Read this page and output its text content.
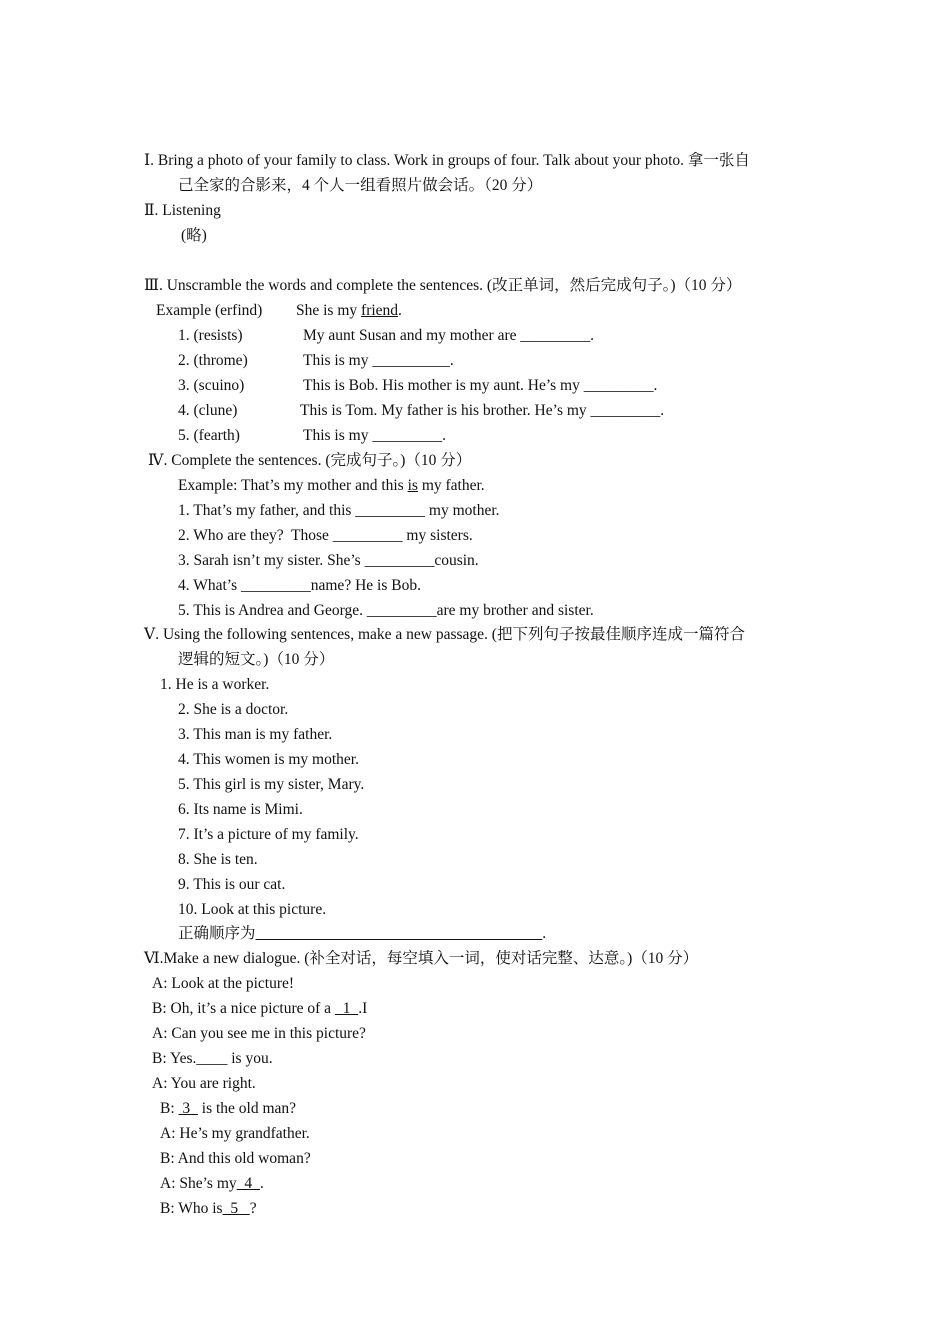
Ⅰ. Bring a photo of your family to class. Work in groups of four. Talk about your photo. 拿一张自
己全家的合影来，4 个人一组看照片做会话。（20 分）
Ⅱ. Listening
(略)
Ⅲ. Unscramble the words and complete the sentences. (改正单词，然后完成句子。)（10 分）
Example (erfind) She is my friend.
1. (resists)	My aunt Susan and my mother are _________.
2. (throme)	This is my __________.
3. (scuino)	This is Bob. His mother is my aunt. He’s my _________.
4. (clune)	This is Tom. My father is his brother. He’s my _________.
5. (fearth)	This is my _________.
Ⅳ. Complete the sentences. (完成句子。)（10 分）
Example: That’s my mother and this is my father.
1. That’s my father, and this _________ my mother.
2. Who are they?  Those _________ my sisters.
3. Sarah isn’t my sister. She’s _________cousin.
4. What’s _________name? He is Bob.
5. This is Andrea and George. _________are my brother and sister.
Ⅴ. Using the following sentences, make a new passage. (把下列句子按最佳顺序连成一篇符合
逻辑的短文。)（10 分）
1. He is a worker.
2. She is a doctor.
3. This man is my father.
4. This women is my mother.
5. This girl is my sister, Mary.
6. Its name is Mimi.
7. It’s a picture of my family.
8. She is ten.
9. This is our cat.
10. Look at this picture.
正确顺序为	.
Ⅵ.Make a new dialogue. (补全对话，每空填入一词，使对话完整、达意。)（10 分）
A: Look at the picture!
B: Oh, it’s a nice picture of a   1  .I
A: Can you see me in this picture?
B: Yes.____ is you.
A: You are right.
B:  3   is the old man?
A: He’s my grandfather.
B: And this old woman?
A: She’s my  4  .
B: Who is  5   ?
